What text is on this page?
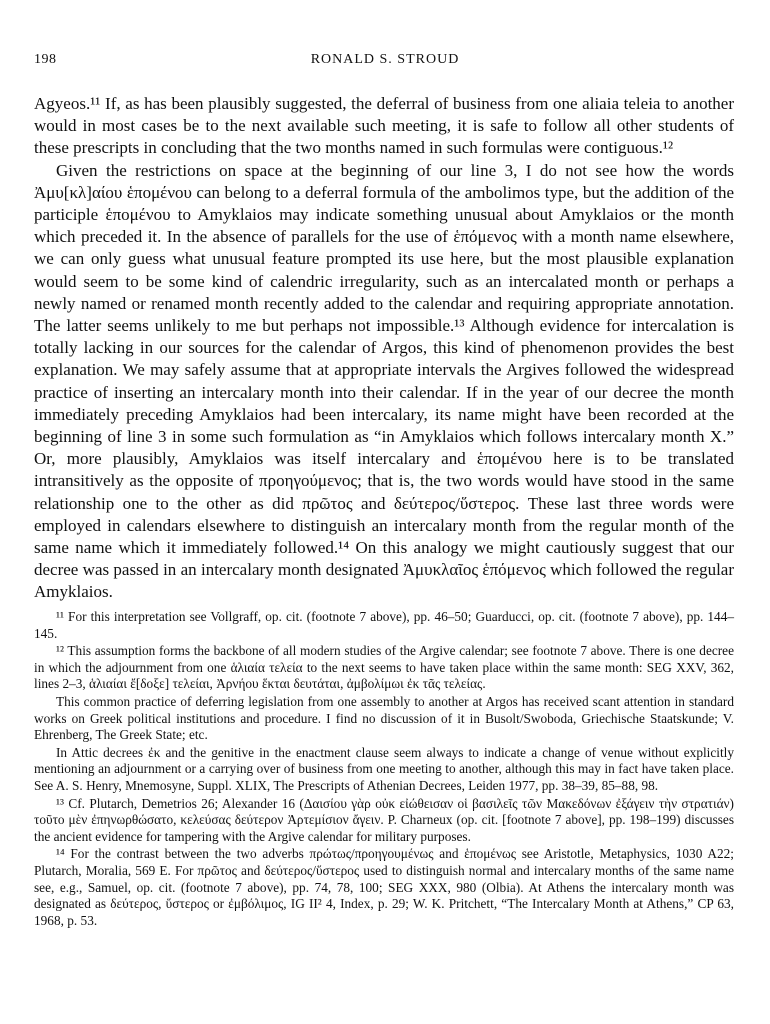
198	RONALD S. STROUD

Agyeos.¹¹ If, as has been plausibly suggested, the deferral of business from one aliaia teleia to another would in most cases be to the next available such meeting, it is safe to follow all other students of these prescripts in concluding that the two months named in such formulas were contiguous.¹²

Given the restrictions on space at the beginning of our line 3, I do not see how the words Ἀμυ[κλ]αίου ἑπομένου can belong to a deferral formula of the ambolimos type, but the addition of the participle ἑπομένου to Amyklaios may indicate something unusual about Amyklaios or the month which preceded it. In the absence of parallels for the use of ἑπόμενος with a month name elsewhere, we can only guess what unusual feature prompted its use here, but the most plausible explanation would seem to be some kind of calendric irregularity, such as an intercalated month or perhaps a newly named or renamed month recently added to the calendar and requiring appropriate annotation. The latter seems unlikely to me but perhaps not impossible.¹³ Although evidence for intercalation is totally lacking in our sources for the calendar of Argos, this kind of phenomenon provides the best explanation. We may safely assume that at appropriate intervals the Argives followed the widespread practice of inserting an intercalary month into their calendar. If in the year of our decree the month immediately preceding Amyklaios had been intercalary, its name might have been recorded at the beginning of line 3 in some such formulation as “in Amyklaios which follows intercalary month X.” Or, more plausibly, Amyklaios was itself intercalary and ἑπομένου here is to be translated intransitively as the opposite of προηγούμενος; that is, the two words would have stood in the same relationship one to the other as did πρῶτος and δεύτερος/ὕστερος. These last three words were employed in calendars elsewhere to distinguish an intercalary month from the regular month of the same name which it immediately followed.¹⁴ On this analogy we might cautiously suggest that our decree was passed in an intercalary month designated Ἀμυκλαῖος ἑπόμενος which followed the regular Amyklaios.

¹¹ For this interpretation see Vollgraff, op. cit. (footnote 7 above), pp. 46–50; Guarducci, op. cit. (footnote 7 above), pp. 144–145.

¹² This assumption forms the backbone of all modern studies of the Argive calendar; see footnote 7 above. There is one decree in which the adjournment from one ἁλιαία τελεία to the next seems to have taken place within the same month: SEG XXV, 362, lines 2–3, ἁλιαίαι ἔ[δοξε] τελείαι, Ἀρνήου ἕκται δευτάται, ἀμβολίμωι ἐκ τᾶς τελείας.

This common practice of deferring legislation from one assembly to another at Argos has received scant attention in standard works on Greek political institutions and procedure. I find no discussion of it in Busolt/Swoboda, Griechische Staatskunde; V. Ehrenberg, The Greek State; etc.

In Attic decrees ἐκ and the genitive in the enactment clause seem always to indicate a change of venue without explicitly mentioning an adjournment or a carrying over of business from one meeting to another, although this may in fact have taken place. See A. S. Henry, Mnemosyne, Suppl. XLIX, The Prescripts of Athenian Decrees, Leiden 1977, pp. 38–39, 85–88, 98.

¹³ Cf. Plutarch, Demetrios 26; Alexander 16 (Δαισίου γὰρ οὐκ εἰώθεισαν οἱ βασιλεῖς τῶν Μακεδόνων ἐξάγειν τὴν στρατιάν) τοῦτο μὲν ἐπηνωρθώσατο, κελεύσας δεύτερον Ἀρτεμίσιον ἄγειν. P. Charneux (op. cit. [footnote 7 above], pp. 198–199) discusses the ancient evidence for tampering with the Argive calendar for military purposes.

¹⁴ For the contrast between the two adverbs πρώτως/προηγουμένως and ἑπομένως see Aristotle, Metaphysics, 1030 A22; Plutarch, Moralia, 569 E. For πρῶτος and δεύτερος/ὕστερος used to distinguish normal and intercalary months of the same name see, e.g., Samuel, op. cit. (footnote 7 above), pp. 74, 78, 100; SEG XXX, 980 (Olbia). At Athens the intercalary month was designated as δεύτερος, ὕστερος or ἐμβόλιμος, IG II² 4, Index, p. 29; W. K. Pritchett, “The Intercalary Month at Athens,” CP 63, 1968, p. 53.
